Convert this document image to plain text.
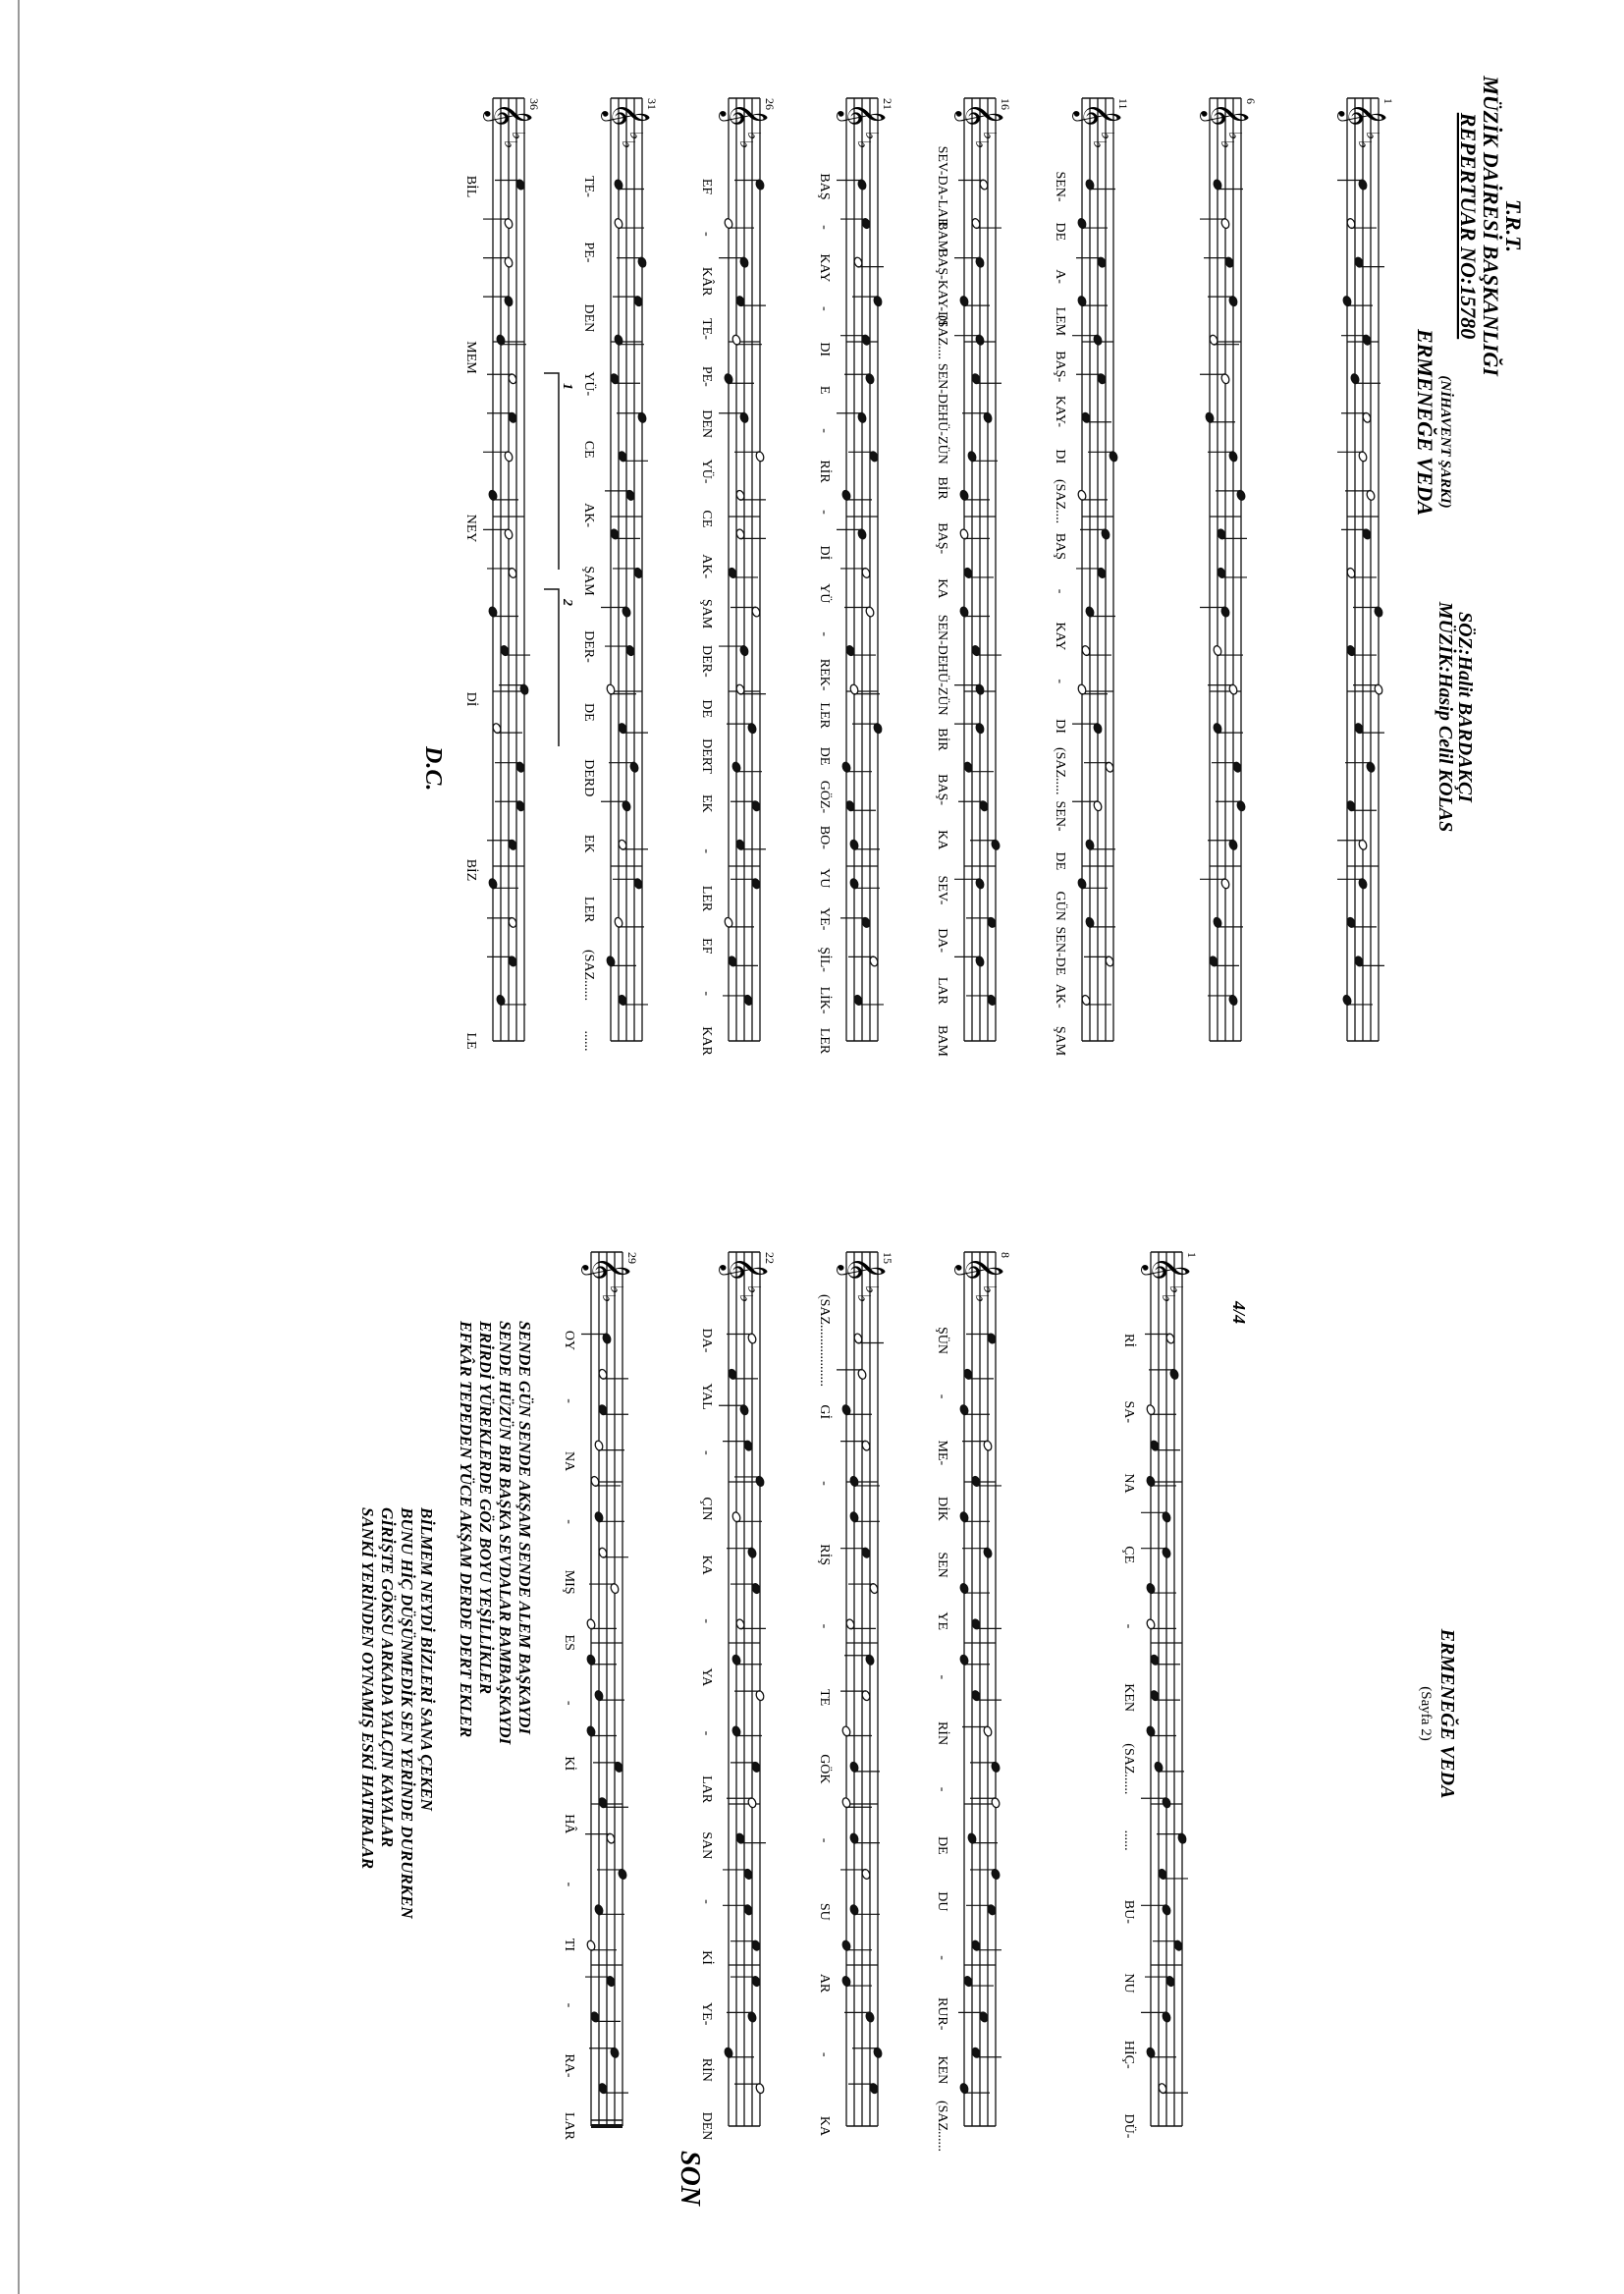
T.R.T.
MÜZİK DAİRESİ BAŞKANLIĞI
REPERTUAR NO:15780
ERMENEĞE VEDA (NİHAVENT ŞARKI)
SÖZ:Halit BARDAKÇI
MÜZİK:Hasip Celil KOLAS
𝄞
♭
♭
1
𝄞
♭
♭
6
𝄞
♭
♭
11
𝄞
♭
♭
16
𝄞
♭
♭
21
𝄞
♭
♭
26
𝄞
♭
♭
31
𝄞
♭
♭
36
SEN-
DE
A-
LEM
BAŞ-
KAY-
DI
(SAZ....
BAŞ
-
KAY
-
DI
(SAZ.....
SEN-
DE
GÜN
SEN-DE
AK-
ŞAM
SEV-DA-LAR
BAM
BAŞ-KAY-DI
(SAZ....
SEN-DE
HÜ-ZÜN
BİR
BAŞ-
KA
SEN-DE
HÜ-ZÜN
BİR
BAŞ-
KA
SEV-
DA-
LAR
BAM
BAŞ
-
KAY
-
DI
E
-
RİR
-
Dİ
YÜ
-
REK-
LER
DE
GÖZ-
BO-
YU
YE-
ŞİL-
LİK-
LER
EF
-
KÂR
TE-
PE-
DEN
YÜ-
CE
AK-
ŞAM
DER-
DE
DERT
EK
-
LER
EF
-
KAR
TE-
PE-
DEN
YÜ-
CE
AK-
ŞAM
DER-
DE
DERD
EK
LER
(SAZ......
......
BİL
MEM
NEY
Dİ
BİZ
LE
1
2
D.C.
ERMENEĞE VEDA
(Sayfa 2)
𝄞
♭
♭
1
𝄞
♭
♭
8
𝄞
♭
♭
15
𝄞
♭
♭
22
𝄞
♭
♭
29
Rİ
SA-
NA
ÇE
-
KEN
(SAZ......
......
BU-
NU
HİÇ-
DÜ-
ŞÜN
-
ME-
DİK
SEN
YE
-
RİN
-
DE
DU
-
RUR-
KEN
(SAZ......
(SAZ..................
Gİ
-
RİŞ
-
TE
GÖK
-
SU
AR
-
KA
DA-
YAL
-
ÇIN
KA
-
YA
-
LAR
SAN
-
Kİ
YE-
RİN
DEN
OY
-
NA
-
MIŞ
ES
-
Kİ
HÂ
-
TI
-
RA-
LAR
4/4
SON
SENDE GÜN SENDE AKŞAM SENDE ALEM BAŞKAYDI
SENDE HÜZÜN BIR BAŞKA SEVDALAR BAMBAŞKAYDI
ERİRDİ YÜREKLERDE GÖZ BOYU YEŞİLLİKLER
EFKÂR TEPEDEN YÜCE AKŞAM DERDE DERT EKLER
BİLMEM NEYDİ BİZLERİ SANA ÇEKEN
BUNU HİÇ DÜŞÜNMEDİK SEN YERİNDE DURURKEN
GİRİŞTE GÖKSU ARKADA YALÇIN KAYALAR
SANKİ YERİNDEN OYNAMIŞ ESKİ HATIRALAR
